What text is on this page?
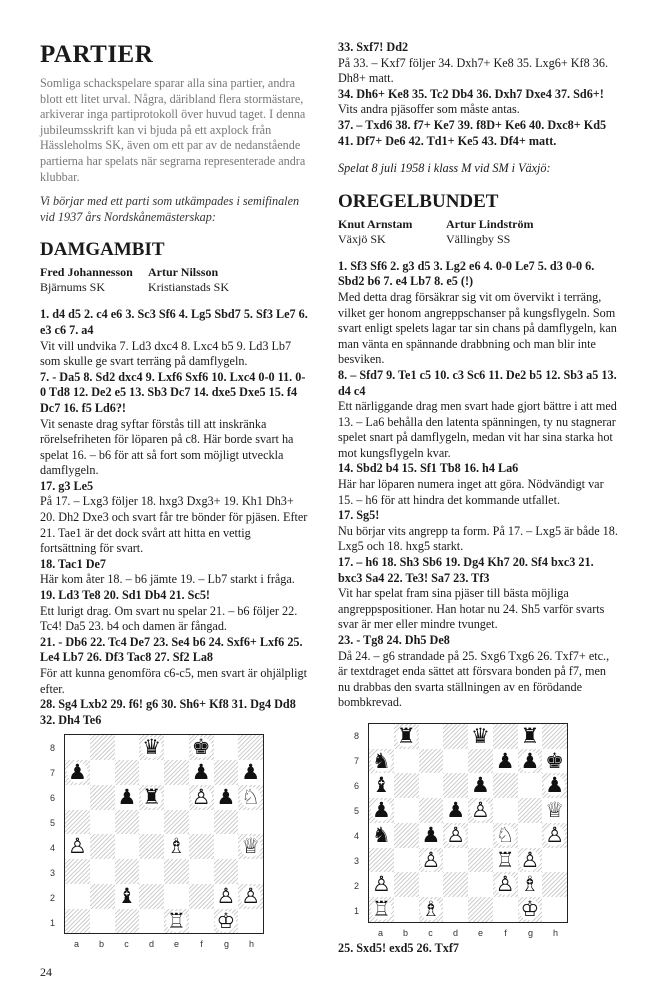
PARTIER
Somliga schackspelare sparar alla sina partier, andra blott ett litet urval. Några, däribland flera stormästare, arkiverar inga partiprotokoll över huvud taget. I denna jubileumsskrift kan vi bjuda på ett axplock från Hässleholms SK, även om ett par av de nedanstående partierna har spelats när segrarna representerade andra klubbar.
Vi börjar med ett parti som utkämpades i semifinalen vid 1937 års Nordskånemästerskap:
DAMGAMBIT
Fred Johannesson	Artur Nilsson
Bjärnums SK	Kristianstads SK
1. d4 d5 2. c4 e6 3. Sc3 Sf6 4. Lg5 Sbd7 5. Sf3 Le7 6. e3 c6 7. a4
Vit vill undvika 7. Ld3 dxc4 8. Lxc4 b5 9. Ld3 Lb7 som skulle ge svart terräng på damflygeln.
7. - Da5 8. Sd2 dxc4 9. Lxf6 Sxf6 10. Lxc4 0-0 11. 0-0 Td8 12. De2 e5 13. Sb3 Dc7 14. dxe5 Dxe5 15. f4 Dc7 16. f5 Ld6?!
Vit senaste drag syftar förstås till att inskränka rörelsefriheten för löparen på c8. Här borde svart ha spelat 16. – b6 för att så fort som möjligt utveckla damflygeln.
17. g3 Le5
På 17. – Lxg3 följer 18. hxg3 Dxg3+ 19. Kh1 Dh3+ 20. Dh2 Dxe3 och svart får tre bönder för pjäsen. Efter 21. Tae1 är det dock svårt att hitta en vettig fortsättning för svart.
18. Tac1 De7
Här kom åter 18. – b6 jämte 19. – Lb7 starkt i fråga.
19. Ld3 Te8 20. Sd1 Db4 21. Sc5!
Ett lurigt drag. Om svart nu spelar 21. – b6 följer 22. Tc4! Da5 23. b4 och damen är fångad.
21. - Db6 22. Tc4 De7 23. Se4 b6 24. Sxf6+ Lxf6 25. Le4 Lb7 26. Df3 Tac8 27. Sf2 La8
För att kunna genomföra c6-c5, men svart är ohjälpligt efter.
28. Sg4 Lxb2 29. f6! g6 30. Sh6+ Kf8 31. Dg4 Dd8 32. Dh4 Te6
♛ ♚
♟	♟ ♟
♟ ♜ ♙ ♟ ♘
♙	♗	♕
♝	♙ ♙
♖ ♔
8
7
6
5
4
3
2
1
a	b	c	d	e	f	g	h
33. Sxf7! Dd2
På 33. – Kxf7 följer 34. Dxh7+ Ke8 35. Lxg6+ Kf8 36. Dh8+ matt.
34. Dh6+ Ke8 35. Tc2 Db4 36. Dxh7 Dxe4 37. Sd6+!
Vits andra pjäsoffer som måste antas.
37. – Txd6 38. f7+ Ke7 39. f8D+ Ke6 40. Dxc8+ Kd5 41. Df7+ De6 42. Td1+ Ke5 43. Df4+ matt.
Spelat 8 juli 1958 i klass M vid SM i Växjö:
OREGELBUNDET
Knut Arnstam	Artur Lindström
Växjö SK	Vällingby SS
1. Sf3 Sf6 2. g3 d5 3. Lg2 e6 4. 0-0 Le7 5. d3 0-0 6. Sbd2 b6 7. e4 Lb7 8. e5 (!)
Med detta drag försäkrar sig vit om övervikt i terräng, vilket ger honom angreppschanser på kungsflygeln. Som svart enligt spelets lagar tar sin chans på damflygeln, kan man vänta en spännande drabbning och man blir inte besviken.
8. – Sfd7 9. Te1 c5 10. c3 Sc6 11. De2 b5 12. Sb3 a5 13. d4 c4
Ett närliggande drag men svart hade gjort bättre i att med 13. – La6 behålla den latenta spänningen, ty nu stagnerar spelet snart på damflygeln, medan vit har sina starka hot mot kungsflygeln kvar.
14. Sbd2 b4 15. Sf1 Tb8 16. h4 La6
Här har löparen numera inget att göra. Nödvändigt var 15. – h6 för att hindra det kommande utfallet.
17. Sg5!
Nu börjar vits angrepp ta form. På 17. – Lxg5 är både 18. Lxg5 och 18. hxg5 starkt.
17. – h6 18. Sh3 Sb6 19. Dg4 Kh7 20. Sf4 bxc3 21. bxc3 Sa4 22. Te3! Sa7 23. Tf3
Vit har spelat fram sina pjäser till bästa möjliga angreppspositioner. Han hotar nu 24. Sh5 varför svarts svar är mer eller mindre tvunget.
23. - Tg8 24. Dh5 De8
Då 24. – g6 strandade på 25. Sxg6 Txg6 26. Txf7+ etc., är textdraget enda sättet att försvara bonden på f7, men nu drabbas den svarta ställningen av en förödande bombkrevad.
♜	♛ ♜
♞	♟ ♟ ♚
♝	♟	♟
♟	♟ ♙	♕
♞ ♟ ♙ ♘ ♙
♙	♖ ♙
♙	♙ ♗
♖ ♗	♔
8
7
6
5
4
3
2
1
a	b	c	d	e	f	g	h
25. Sxd5! exd5 26. Txf7
24
